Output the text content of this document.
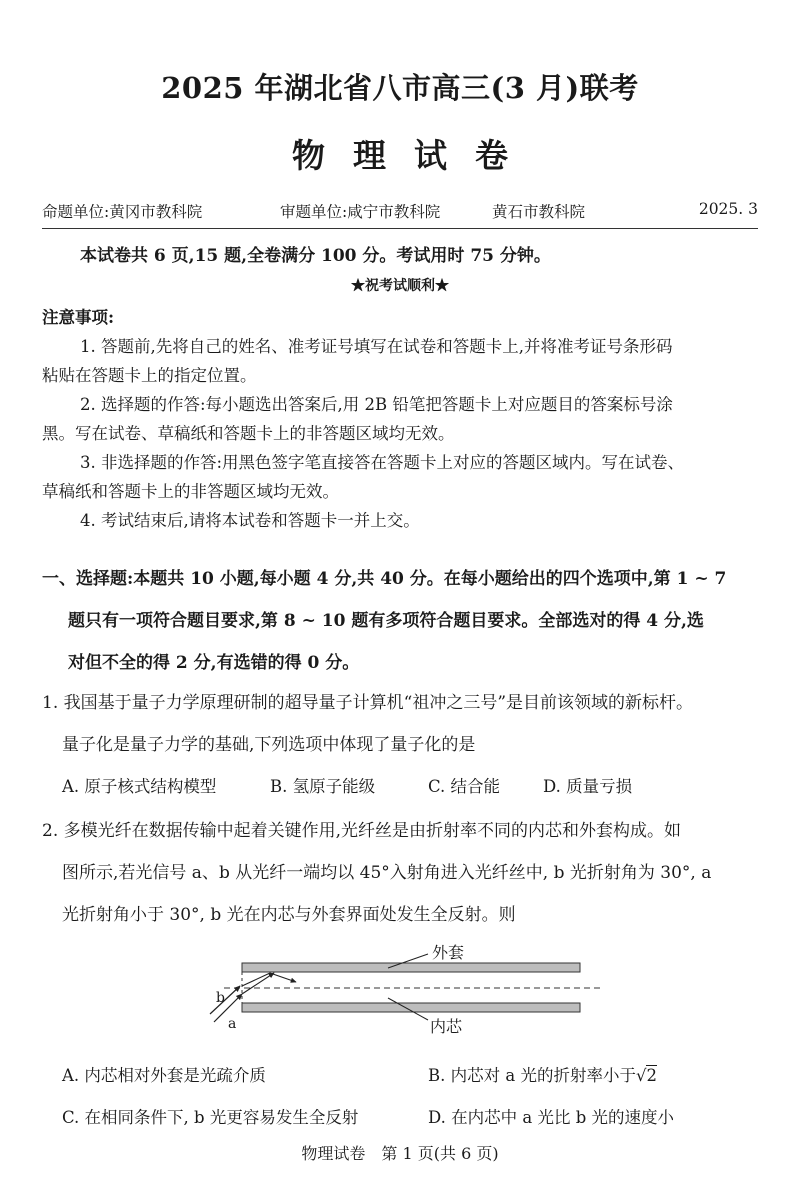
2025 年湖北省八市高三(3 月)联考
物理试卷
命题单位:黄冈市教科院	审题单位:咸宁市教科院	黄石市教科院	2025. 3
本试卷共 6 页,15 题,全卷满分 100 分。考试用时 75 分钟。
★祝考试顺利★
注意事项:
1. 答题前,先将自己的姓名、准考证号填写在试卷和答题卡上,并将准考证号条形码
粘贴在答题卡上的指定位置。
2. 选择题的作答:每小题选出答案后,用 2B 铅笔把答题卡上对应题目的答案标号涂
黑。写在试卷、草稿纸和答题卡上的非答题区域均无效。
3. 非选择题的作答:用黑色签字笔直接答在答题卡上对应的答题区域内。写在试卷、
草稿纸和答题卡上的非答题区域均无效。
4. 考试结束后,请将本试卷和答题卡一并上交。
一、选择题:本题共 10 小题,每小题 4 分,共 40 分。在每小题给出的四个选项中,第 1 ~ 7
题只有一项符合题目要求,第 8 ~ 10 题有多项符合题目要求。全部选对的得 4 分,选
对但不全的得 2 分,有选错的得 0 分。
1. 我国基于量子力学原理研制的超导量子计算机“祖冲之三号”是目前该领域的新标杆。
量子化是量子力学的基础,下列选项中体现了量子化的是
A. 原子核式结构模型	B. 氢原子能级	C. 结合能	D. 质量亏损
2. 多模光纤在数据传输中起着关键作用,光纤丝是由折射率不同的内芯和外套构成。如
图所示,若光信号 a、b 从光纤一端均以 45°入射角进入光纤丝中, b 光折射角为 30°, a
光折射角小于 30°, b 光在内芯与外套界面处发生全反射。则
外套
内芯
b
a
A. 内芯相对外套是光疏介质	B. 内芯对 a 光的折射率小于√2
C. 在相同条件下, b 光更容易发生全反射	D. 在内芯中 a 光比 b 光的速度小
物理试卷　第 1 页(共 6 页)
